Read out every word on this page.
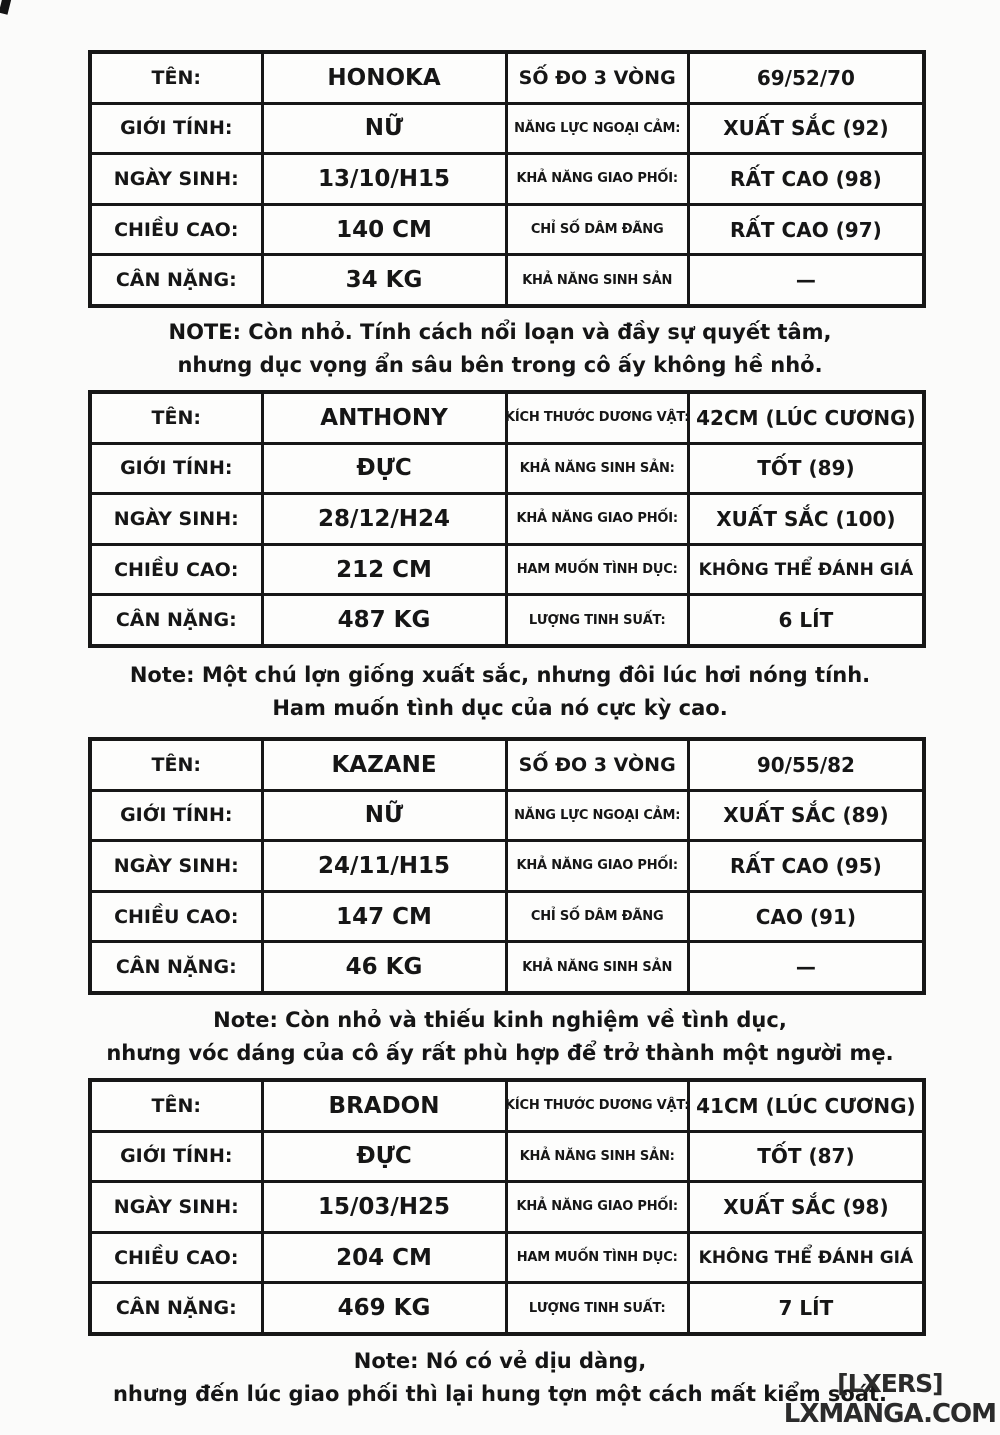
TÊN:	HONOKA	SỐ ĐO 3 VÒNG	69/52/70
GIỚI TÍNH:	NỮ	NĂNG LỰC NGOẠI CẢM:	XUẤT SẮC (92)
NGÀY SINH:	13/10/H15	KHẢ NĂNG GIAO PHỐI:	RẤT CAO (98)
CHIỀU CAO:	140 CM	CHỈ SỐ DÂM ĐÃNG	RẤT CAO (97)
CÂN NẶNG:	34 KG	KHẢ NĂNG SINH SẢN	—
NOTE: Còn nhỏ. Tính cách nổi loạn và đầy sự quyết tâm,
nhưng dục vọng ẩn sâu bên trong cô ấy không hề nhỏ.
TÊN:	ANTHONY	KÍCH THƯỚC DƯƠNG VẬT: 42CM (LÚC CƯƠNG)
GIỚI TÍNH:	ĐỰC	KHẢ NĂNG SINH SẢN:	TỐT (89)
NGÀY SINH:	28/12/H24	KHẢ NĂNG GIAO PHỐI:	XUẤT SẮC (100)
CHIỀU CAO:	212 CM	HAM MUỐN TÌNH DỤC:	KHÔNG THỂ ĐÁNH GIÁ
CÂN NẶNG:	487 KG	LƯỢNG TINH SUẤT:	6 LÍT
Note: Một chú lợn giống xuất sắc, nhưng đôi lúc hơi nóng tính.
Ham muốn tình dục của nó cực kỳ cao.
TÊN:	KAZANE	SỐ ĐO 3 VÒNG	90/55/82
GIỚI TÍNH:	NỮ	NĂNG LỰC NGOẠI CẢM:	XUẤT SẮC (89)
NGÀY SINH:	24/11/H15	KHẢ NĂNG GIAO PHỐI:	RẤT CAO (95)
CHIỀU CAO:	147 CM	CHỈ SỐ DÂM ĐÃNG	CAO (91)
CÂN NẶNG:	46 KG	KHẢ NĂNG SINH SẢN	—
Note: Còn nhỏ và thiếu kinh nghiệm về tình dục,
nhưng vóc dáng của cô ấy rất phù hợp để trở thành một người mẹ.
TÊN:	BRADON	KÍCH THƯỚC DƯƠNG VẬT: 41CM (LÚC CƯƠNG)
GIỚI TÍNH:	ĐỰC	KHẢ NĂNG SINH SẢN:	TỐT (87)
NGÀY SINH:	15/03/H25	KHẢ NĂNG GIAO PHỐI:	XUẤT SẮC (98)
CHIỀU CAO:	204 CM	HAM MUỐN TÌNH DỤC:	KHÔNG THỂ ĐÁNH GIÁ
CÂN NẶNG:	469 KG	LƯỢNG TINH SUẤT:	7 LÍT
Note: Nó có vẻ dịu dàng,
nhưng đến lúc giao phối thì lại hung tợn một cách mất kiểm soát.
[LXERS]
LXMANGA.COM
